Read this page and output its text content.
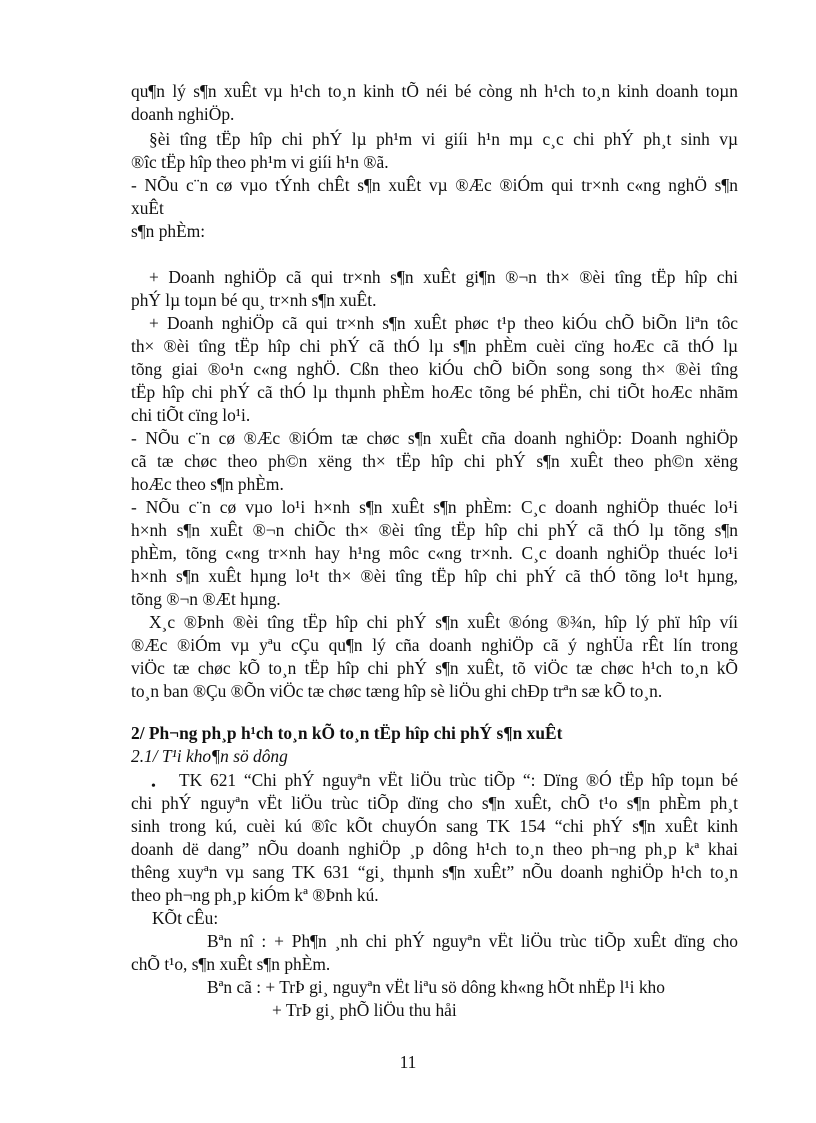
qu¶n lý s¶n xuÊt vµ h¹ch to¸n kinh tÕ néi bé còng nh h¹ch to¸n kinh doanh toµn
doanh nghiÖp.
§èi tîng tËp hîp chi phÝ lµ ph¹m vi giíi h¹n mµ c¸c chi phÝ ph¸t sinh vµ
®îc tËp hîp theo ph¹m vi giíi h¹n ®ã.
- NÕu c¨n cø vµo tÝnh chÊt s¶n xuÊt vµ ®Æc ®iÓm qui tr×nh c«ng nghÖ s¶n
xuÊt
s¶n phÈm:
+ Doanh nghiÖp cã qui tr×nh s¶n xuÊt gi¶n ®¬n th× ®èi tîng tËp hîp chi
phÝ lµ toµn bé qu¸ tr×nh s¶n xuÊt.
+ Doanh nghiÖp cã qui tr×nh s¶n xuÊt phøc t¹p theo kiÓu chÕ biÕn liªn tôc
th× ®èi tîng tËp hîp chi phÝ cã thÓ lµ s¶n phÈm cuèi cïng hoÆc cã thÓ lµ
tõng giai ®o¹n c«ng nghÖ. Cßn theo kiÓu chÕ biÕn song song th× ®èi tîng
tËp hîp chi phÝ cã thÓ lµ thµnh phÈm hoÆc tõng bé phËn, chi tiÕt hoÆc nhãm
chi tiÕt cïng lo¹i.
- NÕu c¨n cø ®Æc ®iÓm tæ chøc s¶n xuÊt cña doanh nghiÖp: Doanh nghiÖp
cã tæ chøc theo ph©n xëng th× tËp hîp chi phÝ s¶n xuÊt theo ph©n xëng
hoÆc theo s¶n phÈm.
- NÕu c¨n cø vµo lo¹i h×nh s¶n xuÊt s¶n phÈm: C¸c doanh nghiÖp thuéc lo¹i
h×nh s¶n xuÊt ®¬n chiÕc th× ®èi tîng tËp hîp chi phÝ cã thÓ lµ tõng s¶n
phÈm, tõng c«ng tr×nh hay h¹ng môc c«ng tr×nh. C¸c doanh nghiÖp thuéc lo¹i
h×nh s¶n xuÊt hµng lo¹t th× ®èi tîng tËp hîp chi phÝ cã thÓ tõng lo¹t hµng,
tõng ®¬n ®Æt hµng.
X¸c ®Þnh ®èi tîng tËp hîp chi phÝ s¶n xuÊt ®óng ®¾n, hîp lý phï hîp víi
®Æc ®iÓm vµ yªu cÇu qu¶n lý cña doanh nghiÖp cã ý nghÜa rÊt lín trong
viÖc tæ chøc kÕ to¸n tËp hîp chi phÝ s¶n xuÊt, tõ viÖc tæ chøc h¹ch to¸n kÕ
to¸n ban ®Çu ®Õn viÖc tæ chøc tæng hîp sè liÖu ghi chÐp trªn sæ kÕ to¸n.
2/ Ph¬ng ph¸p h¹ch to¸n kÕ to¸n tËp hîp chi phÝ s¶n xuÊt
2.1/ T¹i kho¶n sö dông
•	TK 621 “Chi phÝ nguyªn vËt liÖu trùc tiÕp “: Dïng ®Ó tËp hîp toµn bé
chi phÝ nguyªn vËt liÖu trùc tiÕp dïng cho s¶n xuÊt, chÕ t¹o s¶n phÈm ph¸t
sinh trong kú, cuèi kú ®îc kÕt chuyÓn sang TK 154 “chi phÝ s¶n xuÊt kinh
doanh dë dang” nÕu doanh nghiÖp ¸p dông h¹ch to¸n theo ph¬ng ph¸p kª khai
thêng xuyªn vµ sang TK 631 “gi¸ thµnh s¶n xuÊt” nÕu doanh nghiÖp h¹ch to¸n
theo ph¬ng ph¸p kiÓm kª ®Þnh kú.
KÕt cÊu:
Bªn nî : + Ph¶n ¸nh chi phÝ nguyªn vËt liÖu trùc tiÕp xuÊt dïng cho
chÕ t¹o, s¶n xuÊt s¶n phÈm.
Bªn cã : + TrÞ gi¸ nguyªn vËt liªu sö dông kh«ng hÕt nhËp l¹i kho
+ TrÞ gi¸ phÕ liÖu thu håi
11
